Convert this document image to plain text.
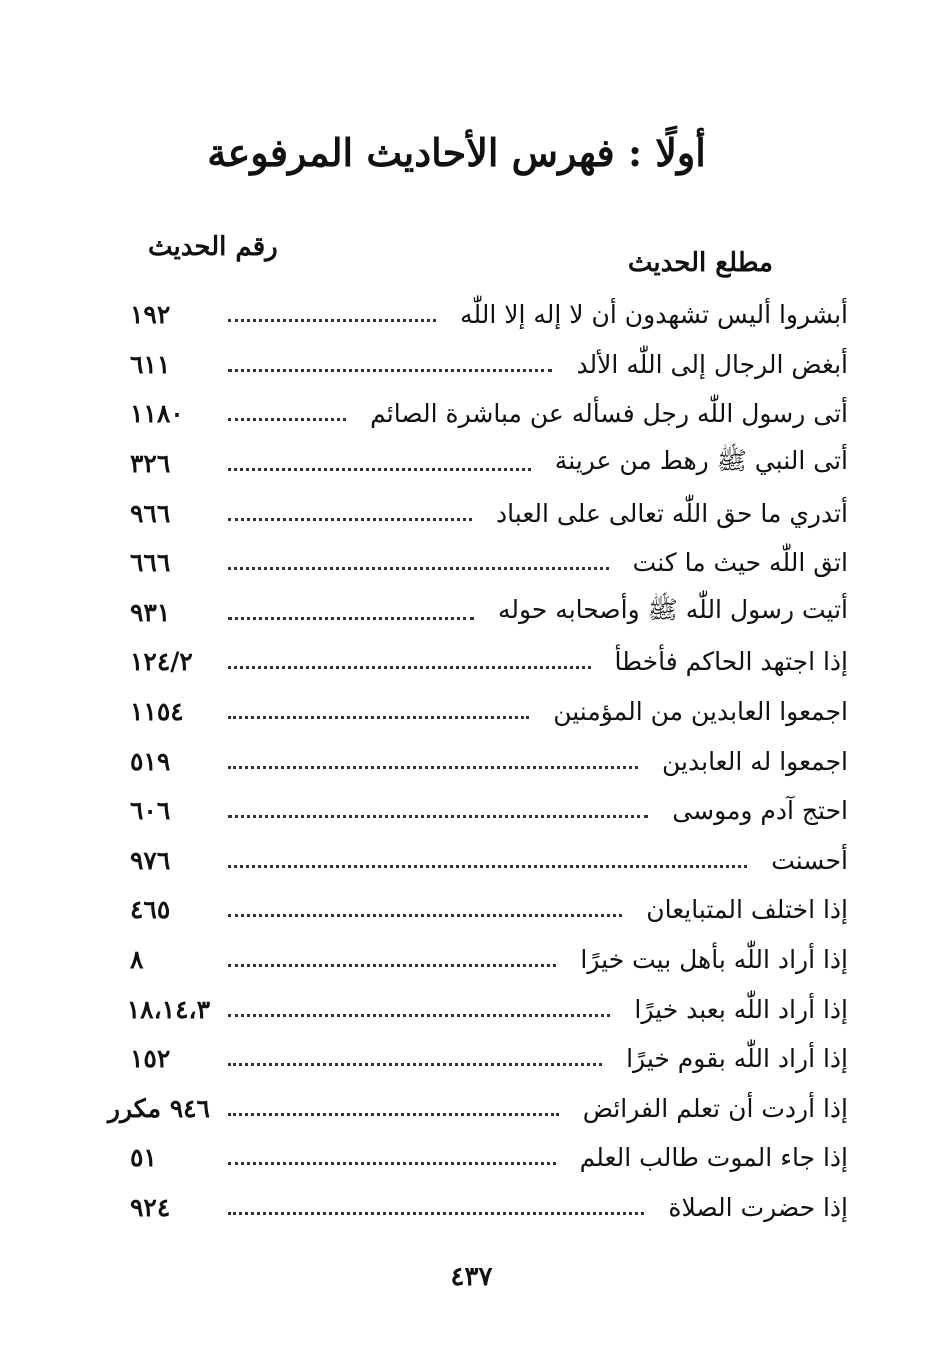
أولًا : فهرس الأحاديث المرفوعة
مطلع الحديث
رقم الحديث
أبشروا أليس تشهدون أن لا إله إلا اللّٰه
١٩٢
أبغض الرجال إلى اللّٰه الألد
٦١١
أتى رسول اللّٰه رجل فسأله عن مباشرة الصائم
١١٨٠
أتى النبي ﷺ رهط من عرينة
٣٢٦
أتدري ما حق اللّٰه تعالى على العباد
٩٦٦
اتق اللّٰه حيث ما كنت
٦٦٦
أتيت رسول اللّٰه ﷺ وأصحابه حوله
٩٣١
إذا اجتهد الحاكم فأخطأ
١٢٤/٢
اجمعوا العابدين من المؤمنين
١١٥٤
اجمعوا له العابدين
٥١٩
احتج آدم وموسى
٦٠٦
أحسنت
٩٧٦
إذا اختلف المتبايعان
٤٦٥
إذا أراد اللّٰه بأهل بيت خيرًا
٨
إذا أراد اللّٰه بعبد خيرًا
١٨،١٤،٣
إذا أراد اللّٰه بقوم خيرًا
١٥٢
إذا أردت أن تعلم الفرائض
٩٤٦ مكرر
إذا جاء الموت طالب العلم
٥١
إذا حضرت الصلاة
٩٢٤
٤٣٧
